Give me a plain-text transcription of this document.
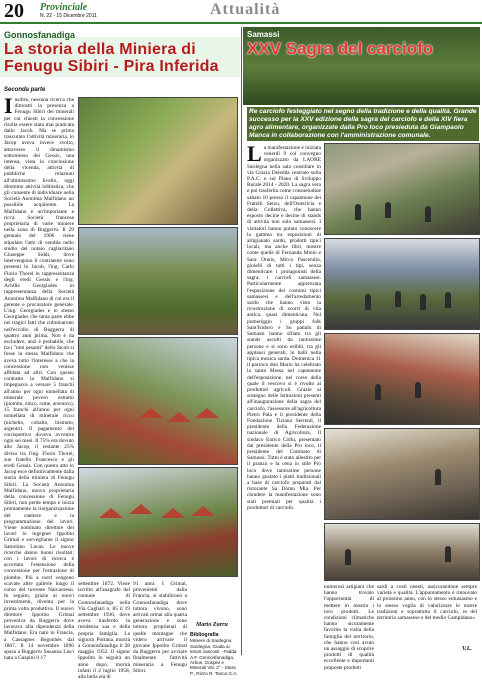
20 Provinciale
N. 22 - 15 Dicembre 2011	Attualità
Gonnosfanadiga
La storia della Miniera di Fenugu Sibiri - Pira Inferida
Seconda parte
Insiltre, nessuna ricerca che dimostri la presenza a Fenugu Sibiri dei minerali per cui chiesti la concessione risulta essere stata mai praticata dallo Jacob. Ma se prima trascurato l'attività mineraria, lo Jacop aveva invece svolto, attraverso il dinamismo sottomesso dei Gessis, una intensa, vista la conclusione della vicenda, attività di pubbliche relazioni all'ultimissimo livello, oggi diremmo attività lobbistica, che gli consente di individuare nella Società Anonima Malfidano un possibile acquirente. La Malfidano è un'importante e ricca Società francese proprietaria di varie miniere nella zona di Buggerru. Il 29 gennaio del 1906 viene stipulato l'atto di vendita nello studio del notaio cagliaritano Giuseppe Siddi, dove intervengono il contraente sono presenti lo Jacob, l'ing. Carlo Florio Thorel in rappresentanza degli eredi Gessis e l'ing. Achille Georgiades in rappresentanza della Società Anonima Malfidano di cui era il gerente e procuratore generale. L'ing. Georgiades e lo stesso Georgiades che tanta parte ebbe nei tragici fatti che culminarono nell'eccidio di Buggerru di quattro anni prima. Non è da escludere, anzi è probabile, che tra i "toni pesanti" dello Jacob si fosse la stessa Malfidano che aveva tutto l'interesse a che la concessione non venisse affidata ad altri. Con questo contratto la Malfidano si impegnava a versare 5 franchi all'anno per ogni tonnellata di minerale povero estratto (piombo, zinco, rame, arsenico), 15 franchi all'anno per ogni tonnellata di minerale ricco (nichelio, cobalto, bismuto, argento). Il pagamento del corrispettivo doveva avvenire ogni sei mesi. Il 75% era dovuto allo Jacop, il restante 25% diviso tra l'ing. Florio Thorel, suo fratello Francesco e gli eredi Gessis. Con questo atto lo Jacop esce definitivamente dalla storia della miniera di Fenugu Sibiri. La Società Anonima Malfidano, nuova proprietaria della concessione di Fenugu Sibiri, non perde tempo e inizia prontamente la riorganizzazione del cantiere e la programmazione dei lavori. Viene nominato direttore dei lavori lo ingegner Ippolito Grimal e sorvegliante il signor Saturnino Lucas. Le nuove ricerche danno buoni risultati: con i lavori di ricerca è accertata l'estensione della concessione per l'estrazione di piombo. Più a nord vengono scavate altre gallerie lungo il corso del torrente Narcauresu. In seguito, grazie ai nuovi investimenti, diventa per la prima volta produttiva. Il nuovo direttore Ippolito Grimal proveniva da Buggerru dove lavorava alla dipendenza della Malfidano. Era nato in Francia, a Cassagnes Begonhès dal 1867. Il 14 novembre 1896 sposa a Buggerru Susanna Lisci nata a Gaspini il 17
settembre 1872. Viene iscritto all'anagrafe del comune di Gonnosfanadiga nella Via Cagliari n. 85 il 19 settembre 1930, dove aveva trasferito la residenza sua e della propria famiglia. La signora Portana morirà a Gonnosfanadiga il 28 maggio 1952. Il signor Ippolito lo seguirà un anno dopo, morirà infatti il 2 luglio 1958, alla bella età di
91 anni. I Grimal, provenienti dalla Francia, si stabilirono a Gonnosfanadiga dove tuttora vivono, sono arrivati ormai alla quarta generazione e sono tuttora proprietari di quelle montagne che videro arrivare il giovane Ippolito Grimal da Buggerru per avviare finalmente l'attività mineraria a Fenugu Sibiri.
Mario Zurru
Bibliografia
Miniere di Sardegna. Sardegna, Guida ai tesori nascosti - Fadda A.F. Gonnosfanadiga, Arbus, Guspini e Minerali Val. 2° - Stara P., Rizzo R. Tanca G.A.
Samassi
XXV Sagra del carciofo
Re carciofo festeggiato nel segno della tradizione e della qualità. Grande successo per la XXV edizione della sagra del carciofo e della XIV fiera agro alimentare, organizzate dalla Pro loco presieduta da Giampaolo Manca in collaborazione con l'amministrazione comunale.
La manifestazione è iniziata venerdì 9 col convegno organizzato da LAORE Sardegna nella sala consiliare in via Grazia Deledda centrato sulla P.A.C. e sul Piano di Sviluppo Rurale 2014 - 2020. La sagra vera e poi trasferita come consuetudine sabato 10 presso il capannone dei Fratelli Setzu, dell'Ostetricia e della Collettiva, che hanno esposto decine e decine di stands di attività non solo samassesi. I visitatori hanno potuto conoscere la gamma tra esposizioni di artigianato sardo, prodotti tipici locali, ma anche libri, mostre come quelle di Fernanda Minio e Sara Onnis, Mirco Pascendio, gioielli di tutti i tipi, senza dimenticare i protagonisti della sagra: i carciofi samassesi. Particolarmente apprezzata l'esposizione dei costumi tipici samassesi e dell'arredamento sardo che hanno visto la ricostruzione di scorci di vita antica, quasi dimenticata. Nel pomeriggio i gruppi folk Sant'Isidoro e Su pattalu di Samassi hanno sfilato tra gli stands ascolti da tantissime persone e si sono esibiti, tra gli applausi generali, in balli nella tipica musica sarda. Domenica 11 il parroco don Mario ha celebrato la santa Messa nel capannone dell'esposizione, nel corso della quale il vescovo si è rivolto ai produttori agricoli. Grazie al sostegno delle Istituzioni presenti all'inaugurazione della sagra del carciofo, l'assessore all'agricoltura Pietro Pala e il presidente della Fondazione Tiziana Serrenti, il presidente della Federazione nazionale di Agricoltura, Il sindaco Enrico Collu, presentato dal presidente della Pro loco, il presidente del Comitato di Samassi. Tutto è stato allestito per il pranzo e la cena in stile Pro loco dove tantissime persone hanno gustato i piatti tradizionali a base di carciofo preparati dal ristorante Sa Domu Mia. Per chiudere la manifestazione sono stati premiati per qualità i produttori di carciofo.
numerosi artigiani che hanno trovato l'opportunità di mettere in mostra i loro prodotti. Le condizioni climatiche hanno sicuramente favorito la visita della famiglia del territorio, che hanno così avuto un assaggio di scoprire prodotti di qualità eccellente e importanti proposte prodotti
sardi a costi onesti, assicurandone sempre varietà e qualità. L'appuntamento è rinnovato al prossimo anno, con lo stesso entusiasmo e lo stesso voglia di valorizzare le nostre tradizioni e soprattutto il carciofo, re del territorio samassese e del medio Campidano»
V.L.
